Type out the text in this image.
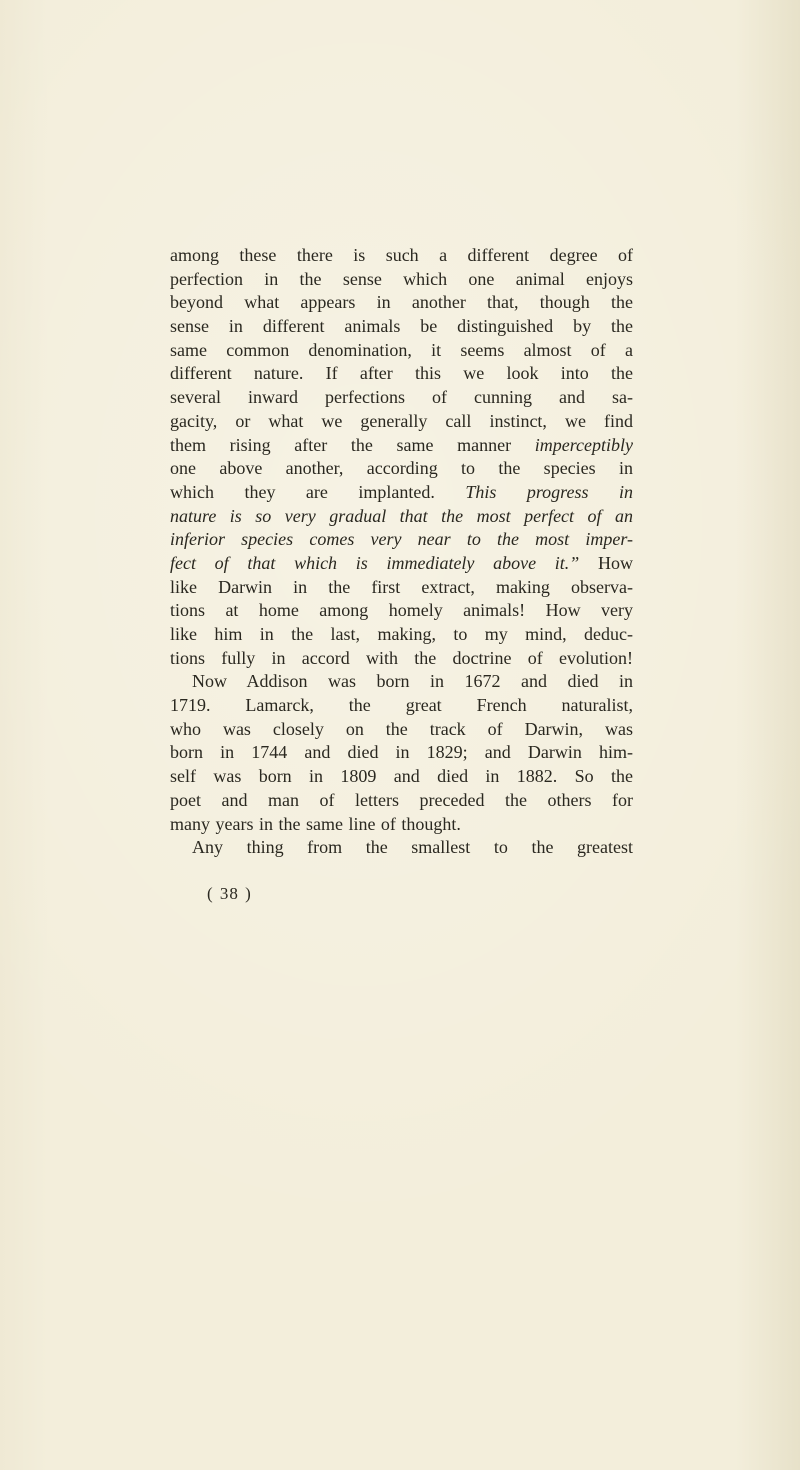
among these there is such a different degree of
perfection in the sense which one animal enjoys
beyond what appears in another that, though the
sense in different animals be distinguished by the
same common denomination, it seems almost of a
different nature. If after this we look into the
several inward perfections of cunning and sa-
gacity, or what we generally call instinct, we find
them rising after the same manner imperceptibly
one above another, according to the species in
which they are implanted. This progress in
nature is so very gradual that the most perfect of an
inferior species comes very near to the most imper-
fect of that which is immediately above it.” How
like Darwin in the first extract, making observa-
tions at home among homely animals! How very
like him in the last, making, to my mind, deduc-
tions fully in accord with the doctrine of evolution!
Now Addison was born in 1672 and died in
1719. Lamarck, the great French naturalist,
who was closely on the track of Darwin, was
born in 1744 and died in 1829; and Darwin him-
self was born in 1809 and died in 1882. So the
poet and man of letters preceded the others for
many years in the same line of thought.
Any thing from the smallest to the greatest
( 38 )
